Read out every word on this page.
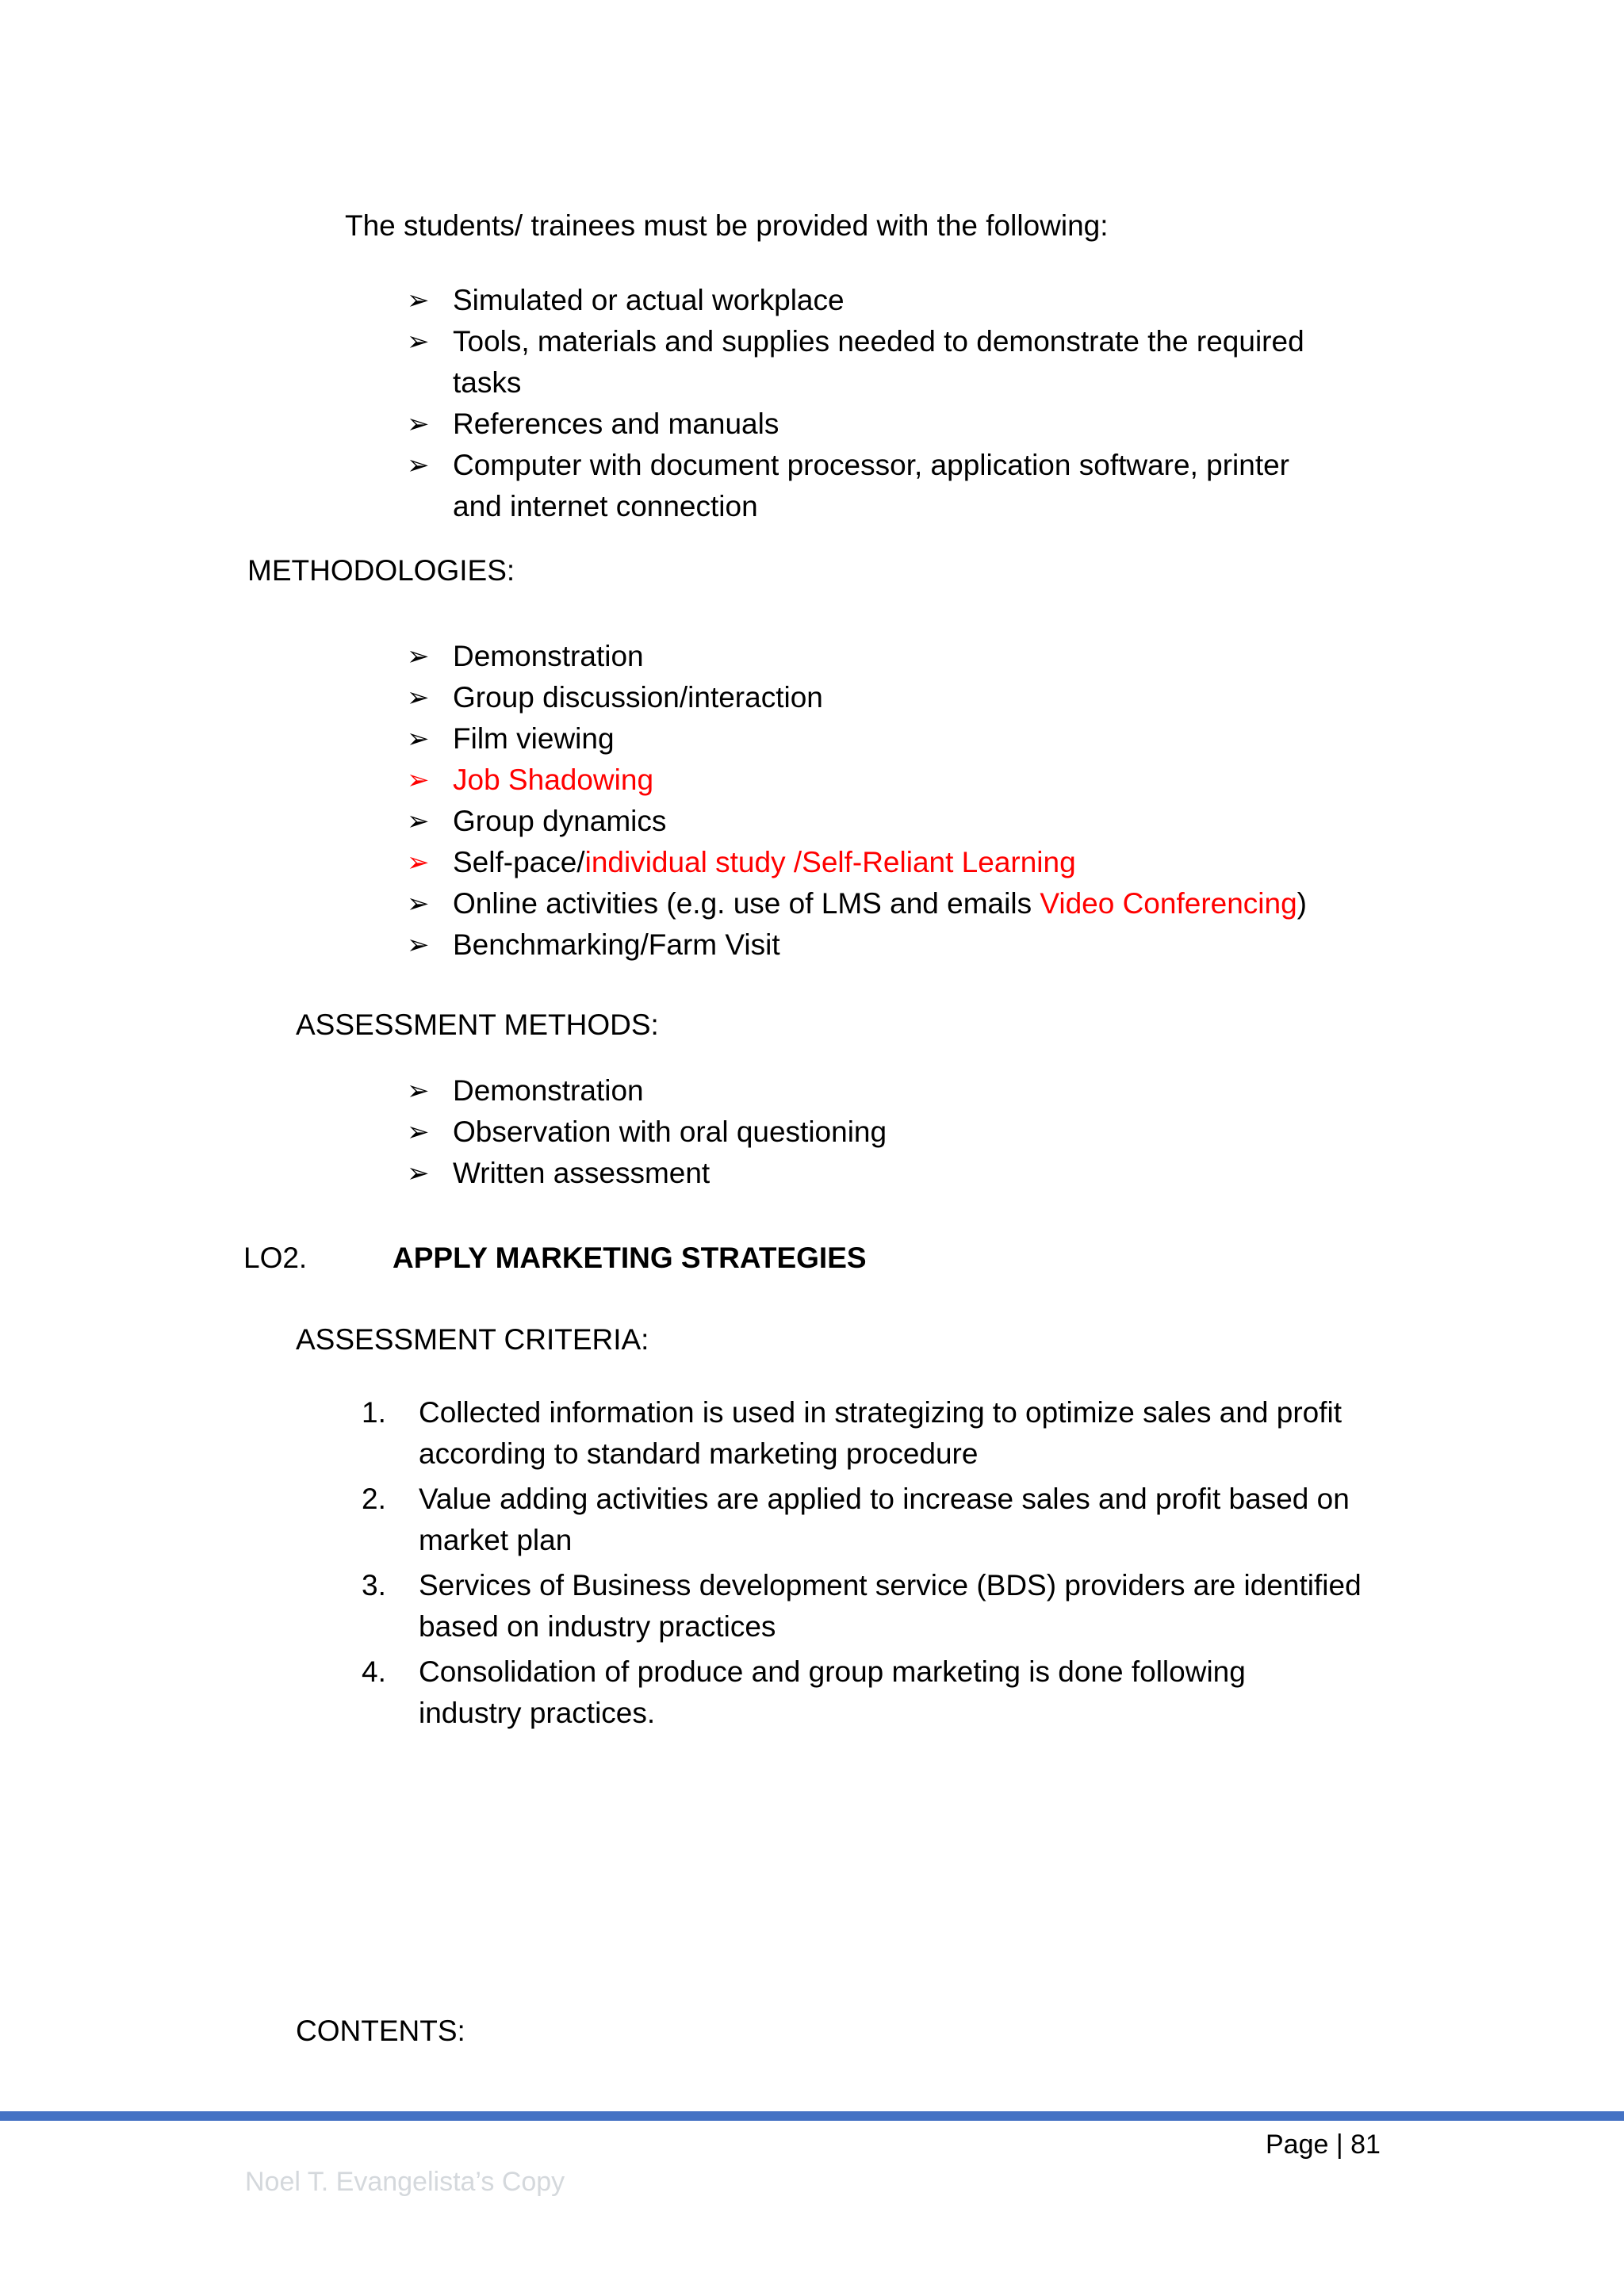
The students/ trainees must be provided with the following:
➢ Simulated or actual workplace
➢ Tools, materials and supplies needed to demonstrate the required
tasks
➢ References and manuals
➢ Computer with document processor, application software, printer
and internet connection
METHODOLOGIES:
➢ Demonstration
➢ Group discussion/interaction
➢ Film viewing
➢ Job Shadowing
➢ Group dynamics
➢ Self-pace/individual study /Self-Reliant Learning
➢ Online activities (e.g. use of LMS and emails Video Conferencing)
➢ Benchmarking/Farm Visit
ASSESSMENT METHODS:
➢ Demonstration
➢ Observation with oral questioning
➢ Written assessment
LO2.	APPLY MARKETING STRATEGIES
ASSESSMENT CRITERIA:
1. Collected information is used in strategizing to optimize sales and profit
according to standard marketing procedure
2. Value adding activities are applied to increase sales and profit based on
market plan
3. Services of Business development service (BDS) providers are identified
based on industry practices
4. Consolidation of produce and group marketing is done following
industry practices.
CONTENTS:
Page | 81
Noel T. Evangelista’s Copy
